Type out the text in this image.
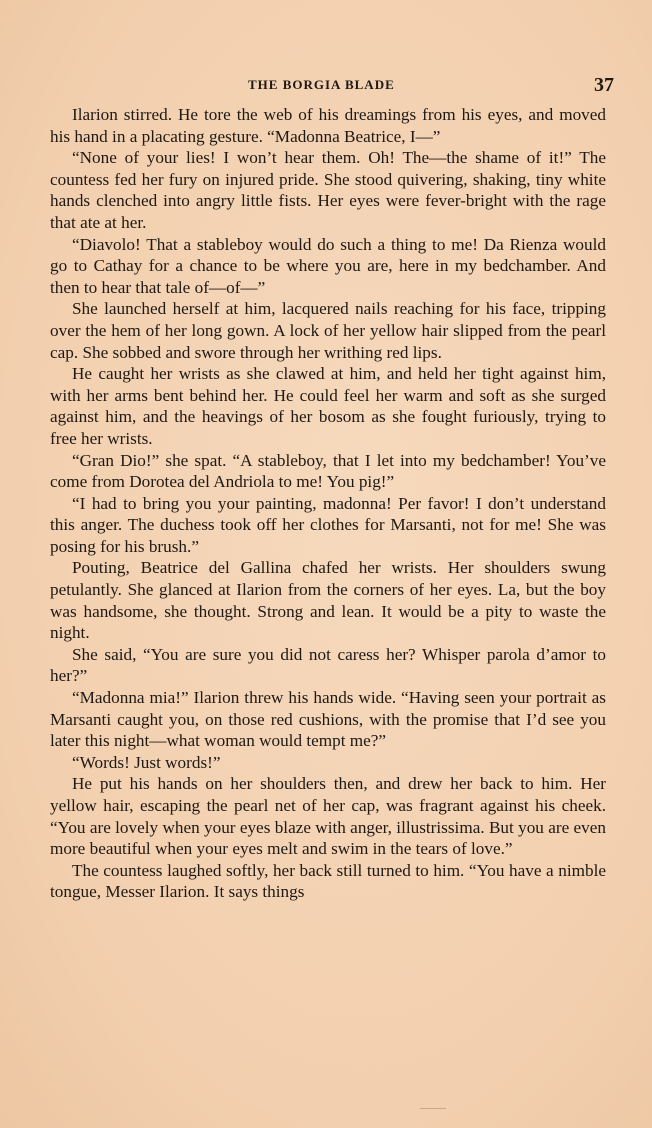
THE BORGIA BLADE	37

Ilarion stirred. He tore the web of his dreamings from his eyes, and moved his hand in a placating gesture. “Madonna Beatrice, I—”

“None of your lies! I won’t hear them. Oh! The—the shame of it!” The countess fed her fury on injured pride. She stood quivering, shaking, tiny white hands clenched into angry little fists. Her eyes were fever-bright with the rage that ate at her.

“Diavolo! That a stableboy would do such a thing to me! Da Rienza would go to Cathay for a chance to be where you are, here in my bedchamber. And then to hear that tale of—of—”

She launched herself at him, lacquered nails reaching for his face, tripping over the hem of her long gown. A lock of her yellow hair slipped from the pearl cap. She sobbed and swore through her writhing red lips.

He caught her wrists as she clawed at him, and held her tight against him, with her arms bent behind her. He could feel her warm and soft as she surged against him, and the heavings of her bosom as she fought furiously, trying to free her wrists.

“Gran Dio!” she spat. “A stableboy, that I let into my bedchamber! You’ve come from Dorotea del Andriola to me! You pig!”

“I had to bring you your painting, madonna! Per favor! I don’t understand this anger. The duchess took off her clothes for Marsanti, not for me! She was posing for his brush.”

Pouting, Beatrice del Gallina chafed her wrists. Her shoulders swung petulantly. She glanced at Ilarion from the corners of her eyes. La, but the boy was handsome, she thought. Strong and lean. It would be a pity to waste the night.

She said, “You are sure you did not caress her? Whisper parola d’amor to her?”

“Madonna mia!” Ilarion threw his hands wide. “Having seen your portrait as Marsanti caught you, on those red cushions, with the promise that I’d see you later this night—what woman would tempt me?”

“Words! Just words!”

He put his hands on her shoulders then, and drew her back to him. Her yellow hair, escaping the pearl net of her cap, was fragrant against his cheek. “You are lovely when your eyes blaze with anger, illustrissima. But you are even more beautiful when your eyes melt and swim in the tears of love.”

The countess laughed softly, her back still turned to him. “You have a nimble tongue, Messer Ilarion. It says things
